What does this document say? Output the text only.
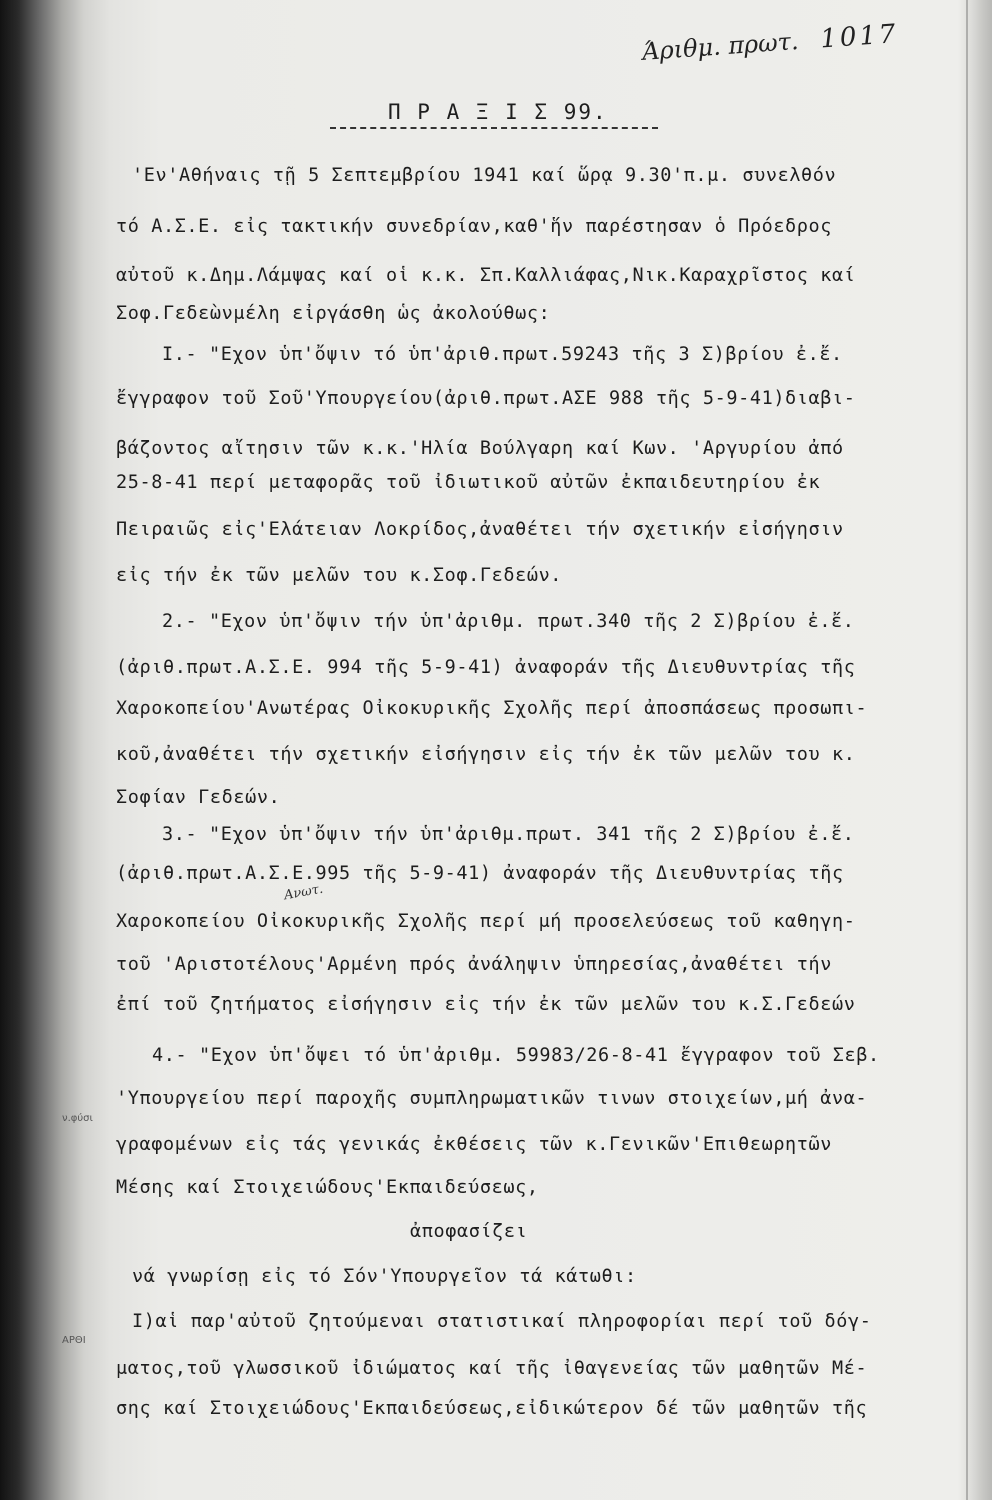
ν.φύσι
ΑΡΘΙ
Άριθμ. πρωτ. 1017
Π Ρ Α Ξ Ι Σ 99.
'Εν'Αθήναις τῇ 5 Σεπτεμβρίου 1941 καί ὥρᾳ 9.30'π.μ. συνελθόν
τό Α.Σ.Ε. εἰς τακτικήν συνεδρίαν,καθ'ἥν παρέστησαν ὁ Πρόεδρος
αὐτοῦ κ.Δημ.Λάμψας καί οἱ κ.κ. Σπ.Καλλιάφας,Νικ.Καραχρῖστος καί
Σοφ.Γεδεὼνμέλη εἰργάσθη ὡς ἀκολούθως:
I.- "Εχον ὑπ'ὄψιν τό ὑπ'ἀριθ.πρωτ.59243 τῆς 3 Σ)βρίου ἐ.ἔ.
ἔγγραφον τοῦ Σοῦ'Υπουργείου(ἀριθ.πρωτ.ΑΣΕ 988 τῆς 5-9-41)διαβι-
βάζοντος αἴτησιν τῶν κ.κ.'Ηλία Βούλγαρη καί Κων. 'Αργυρίου ἀπό
25-8-41 περί μεταφορᾶς τοῦ ἰδιωτικοῦ αὐτῶν ἐκπαιδευτηρίου ἐκ
Πειραιῶς εἰς'Ελάτειαν Λοκρίδος,ἀναθέτει τήν σχετικήν εἰσήγησιν
εἰς τήν ἐκ τῶν μελῶν του κ.Σοφ.Γεδεών.
2.- "Εχον ὑπ'ὄψιν τήν ὑπ'ἀριθμ. πρωτ.340 τῆς 2 Σ)βρίου ἐ.ἔ.
(ἀριθ.πρωτ.Α.Σ.Ε. 994 τῆς 5-9-41) ἀναφοράν τῆς Διευθυντρίας τῆς
Χαροκοπείου'Ανωτέρας Οἰκοκυρικῆς Σχολῆς περί ἀποσπάσεως προσωπι-
κοῦ,ἀναθέτει τήν σχετικήν εἰσήγησιν εἰς τήν ἐκ τῶν μελῶν του κ.
Σοφίαν Γεδεών.
3.- "Εχον ὑπ'ὄψιν τήν ὑπ'ἀριθμ.πρωτ. 341 τῆς 2 Σ)βρίου ἐ.ἔ.
(ἀριθ.πρωτ.Α.Σ.Ε.995 τῆς 5-9-41) ἀναφοράν τῆς Διευθυντρίας τῆς
Ανωτ.
Χαροκοπείου Οἰκοκυρικῆς Σχολῆς περί μή προσελεύσεως τοῦ καθηγη-
τοῦ 'Αριστοτέλους'Αρμένη πρός ἀνάληψιν ὑπηρεσίας,ἀναθέτει τήν
ἐπί τοῦ ζητήματος εἰσήγησιν εἰς τήν ἐκ τῶν μελῶν του κ.Σ.Γεδεών
4.- "Εχον ὑπ'ὄψει τό ὑπ'ἀριθμ. 59983/26-8-41 ἔγγραφον τοῦ Σεβ.
'Υπουργείου περί παροχῆς συμπληρωματικῶν τινων στοιχείων,μή ἀνα-
γραφομένων εἰς τάς γενικάς ἐκθέσεις τῶν κ.Γενικῶν'Επιθεωρητῶν
Μέσης καί Στοιχειώδους'Εκπαιδεύσεως,
ἀποφασίζει
νά γνωρίσῃ εἰς τό Σόν'Υπουργεῖον τά κάτωθι:
I)αἱ παρ'αὐτοῦ ζητούμεναι στατιστικαί πληροφορίαι περί τοῦ δόγ-
ματος,τοῦ γλωσσικοῦ ἰδιώματος καί τῆς ἰθαγενείας τῶν μαθητῶν Μέ-
σης καί Στοιχειώδους'Εκπαιδεύσεως,εἰδικώτερον δέ τῶν μαθητῶν τῆς
